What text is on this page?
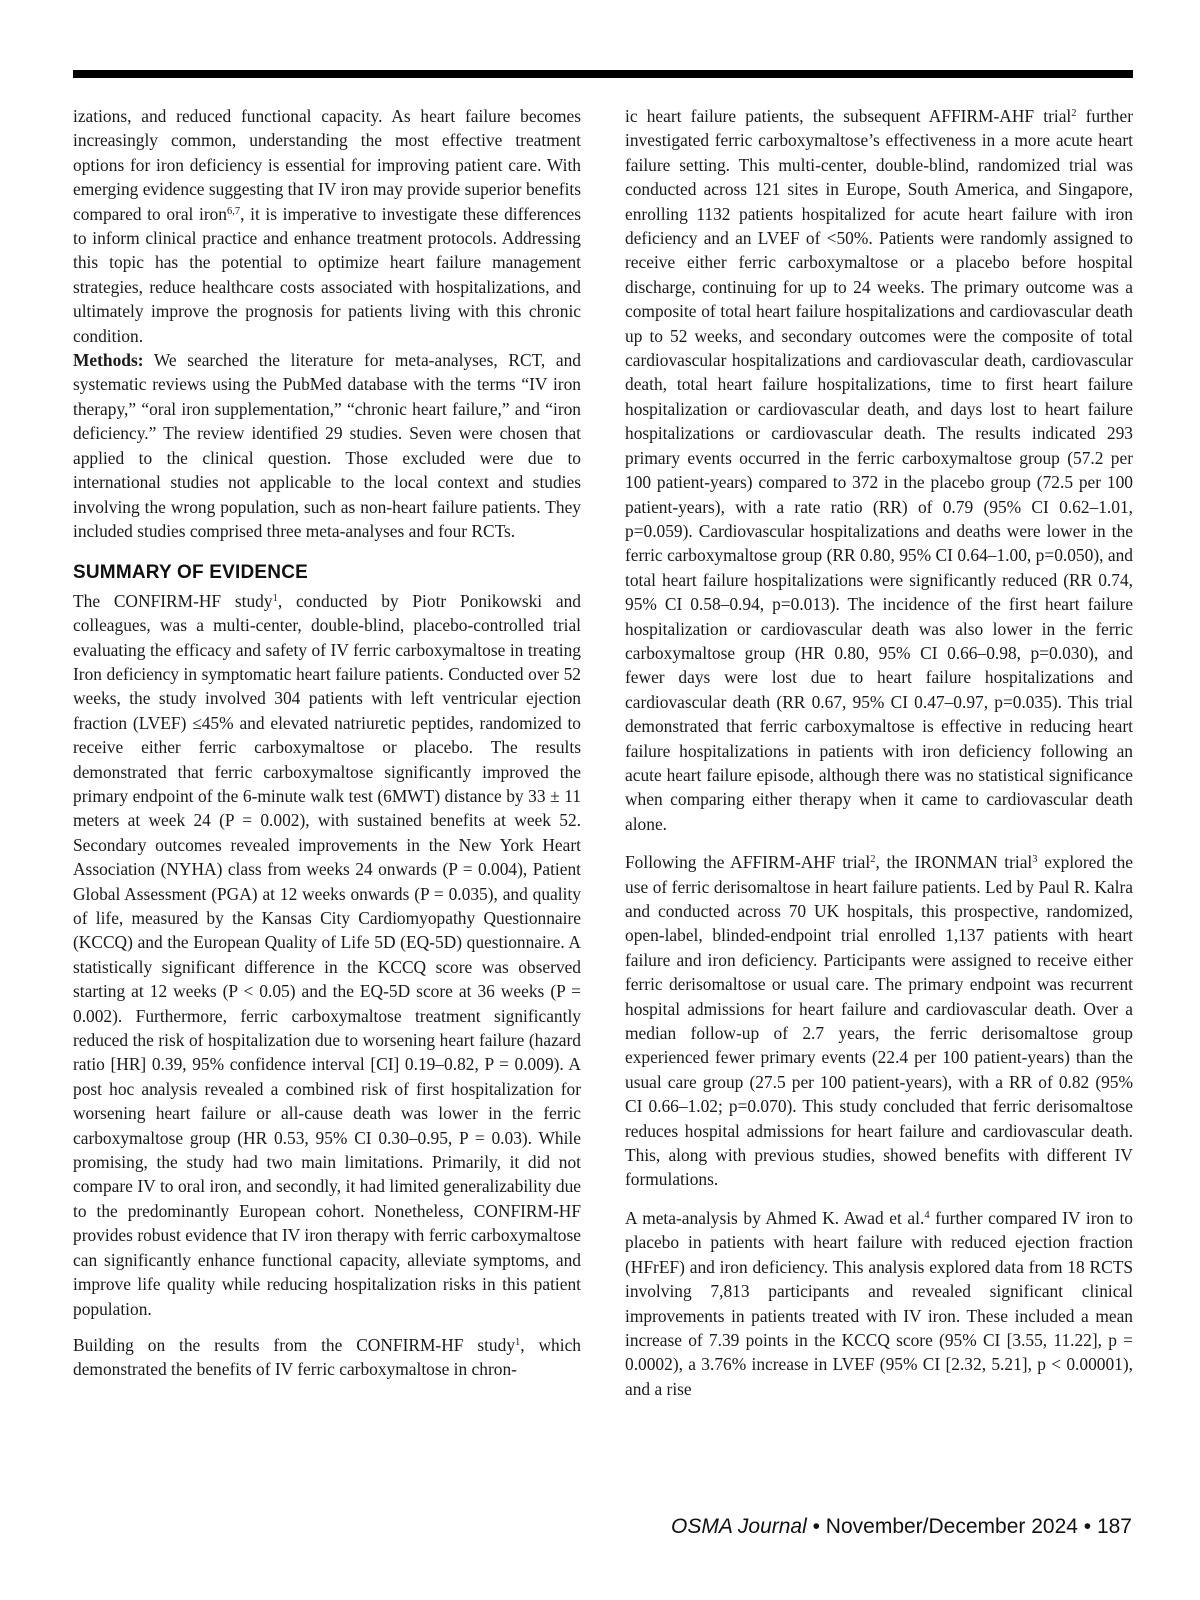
izations, and reduced functional capacity. As heart failure becomes increasingly common, understanding the most effective treatment options for iron deficiency is essential for improving patient care. With emerging evidence suggesting that IV iron may provide superior benefits compared to oral iron$^{6,7}$, it is imperative to investigate these differences to inform clinical practice and enhance treatment protocols. Addressing this topic has the potential to optimize heart failure management strategies, reduce healthcare costs associated with hospitalizations, and ultimately improve the prognosis for patients living with this chronic condition.

Methods: We searched the literature for meta-analyses, RCT, and systematic reviews using the PubMed database with the terms “IV iron therapy,” “oral iron supplementation,” “chronic heart failure,” and “iron deficiency.” The review identified 29 studies. Seven were chosen that applied to the clinical question. Those excluded were due to international studies not applicable to the local context and studies involving the wrong population, such as non-heart failure patients. They included studies comprised three meta-analyses and four RCTs.

SUMMARY OF EVIDENCE

The CONFIRM-HF study$^1$, conducted by Piotr Ponikowski and colleagues, was a multi-center, double-blind, placebo-controlled trial evaluating the efficacy and safety of IV ferric carboxymaltose in treating Iron deficiency in symptomatic heart failure patients. Conducted over 52 weeks, the study involved 304 patients with left ventricular ejection fraction (LVEF) ≤45% and elevated natriuretic peptides, randomized to receive either ferric carboxymaltose or placebo. The results demonstrated that ferric carboxymaltose significantly improved the primary endpoint of the 6-minute walk test (6MWT) distance by 33 ± 11 meters at week 24 (P = 0.002), with sustained benefits at week 52. Secondary outcomes revealed improvements in the New York Heart Association (NYHA) class from weeks 24 onwards (P = 0.004), Patient Global Assessment (PGA) at 12 weeks onwards (P = 0.035), and quality of life, measured by the Kansas City Cardiomyopathy Questionnaire (KCCQ) and the European Quality of Life 5D (EQ-5D) questionnaire. A statistically significant difference in the KCCQ score was observed starting at 12 weeks (P < 0.05) and the EQ-5D score at 36 weeks (P = 0.002). Furthermore, ferric carboxymaltose treatment significantly reduced the risk of hospitalization due to worsening heart failure (hazard ratio [HR] 0.39, 95% confidence interval [CI] 0.19–0.82, P = 0.009). A post hoc analysis revealed a combined risk of first hospitalization for worsening heart failure or all-cause death was lower in the ferric carboxymaltose group (HR 0.53, 95% CI 0.30–0.95, P = 0.03). While promising, the study had two main limitations. Primarily, it did not compare IV to oral iron, and secondly, it had limited generalizability due to the predominantly European cohort. Nonetheless, CONFIRM-HF provides robust evidence that IV iron therapy with ferric carboxymaltose can significantly enhance functional capacity, alleviate symptoms, and improve life quality while reducing hospitalization risks in this patient population.

Building on the results from the CONFIRM-HF study$^1$, which demonstrated the benefits of IV ferric carboxymaltose in chron-

ic heart failure patients, the subsequent AFFIRM-AHF trial$^2$ further investigated ferric carboxymaltose’s effectiveness in a more acute heart failure setting. This multi-center, double-blind, randomized trial was conducted across 121 sites in Europe, South America, and Singapore, enrolling 1132 patients hospitalized for acute heart failure with iron deficiency and an LVEF of <50%. Patients were randomly assigned to receive either ferric carboxymaltose or a placebo before hospital discharge, continuing for up to 24 weeks. The primary outcome was a composite of total heart failure hospitalizations and cardiovascular death up to 52 weeks, and secondary outcomes were the composite of total cardiovascular hospitalizations and cardiovascular death, cardiovascular death, total heart failure hospitalizations, time to first heart failure hospitalization or cardiovascular death, and days lost to heart failure hospitalizations or cardiovascular death. The results indicated 293 primary events occurred in the ferric carboxymaltose group (57.2 per 100 patient-years) compared to 372 in the placebo group (72.5 per 100 patient-years), with a rate ratio (RR) of 0.79 (95% CI 0.62–1.01, p=0.059). Cardiovascular hospitalizations and deaths were lower in the ferric carboxymaltose group (RR 0.80, 95% CI 0.64–1.00, p=0.050), and total heart failure hospitalizations were significantly reduced (RR 0.74, 95% CI 0.58–0.94, p=0.013). The incidence of the first heart failure hospitalization or cardiovascular death was also lower in the ferric carboxymaltose group (HR 0.80, 95% CI 0.66–0.98, p=0.030), and fewer days were lost due to heart failure hospitalizations and cardiovascular death (RR 0.67, 95% CI 0.47–0.97, p=0.035). This trial demonstrated that ferric carboxymaltose is effective in reducing heart failure hospitalizations in patients with iron deficiency following an acute heart failure episode, although there was no statistical significance when comparing either therapy when it came to cardiovascular death alone.

Following the AFFIRM-AHF trial$^2$, the IRONMAN trial$^3$ explored the use of ferric derisomaltose in heart failure patients. Led by Paul R. Kalra and conducted across 70 UK hospitals, this prospective, randomized, open-label, blinded-endpoint trial enrolled 1,137 patients with heart failure and iron deficiency. Participants were assigned to receive either ferric derisomaltose or usual care. The primary endpoint was recurrent hospital admissions for heart failure and cardiovascular death. Over a median follow-up of 2.7 years, the ferric derisomaltose group experienced fewer primary events (22.4 per 100 patient-years) than the usual care group (27.5 per 100 patient-years), with a RR of 0.82 (95% CI 0.66–1.02; p=0.070). This study concluded that ferric derisomaltose reduces hospital admissions for heart failure and cardiovascular death. This, along with previous studies, showed benefits with different IV formulations.

A meta-analysis by Ahmed K. Awad et al.$^4$ further compared IV iron to placebo in patients with heart failure with reduced ejection fraction (HFrEF) and iron deficiency. This analysis explored data from 18 RCTS involving 7,813 participants and revealed significant clinical improvements in patients treated with IV iron. These included a mean increase of 7.39 points in the KCCQ score (95% CI [3.55, 11.22], p = 0.0002), a 3.76% increase in LVEF (95% CI [2.32, 5.21], p < 0.00001), and a rise

OSMA Journal • November/December 2024 • 187
